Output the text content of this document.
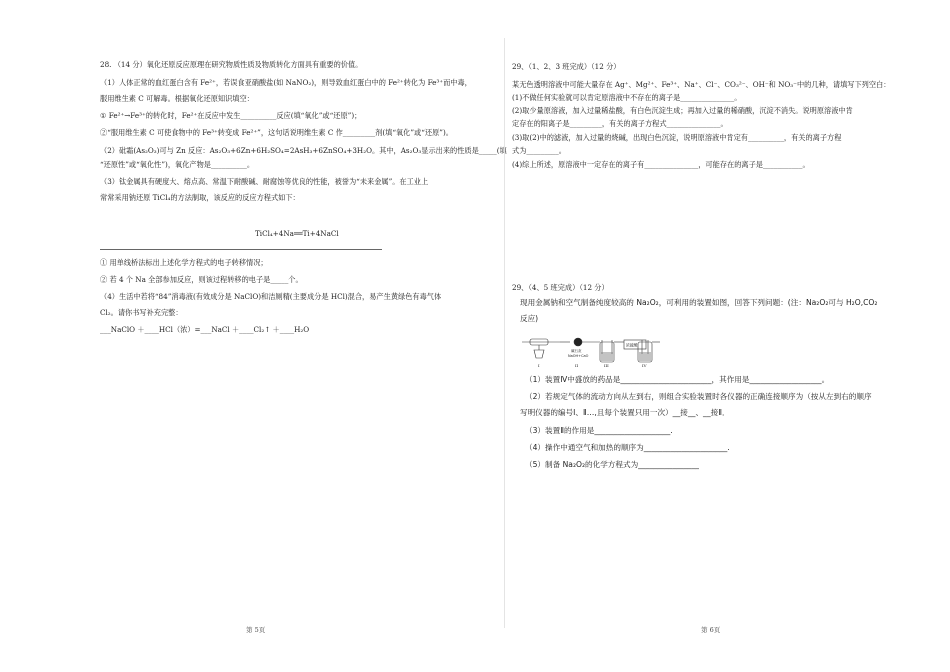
28. （14 分）氧化还原反应原理在研究物质性质及物质转化方面具有重要的价值。
（1）人体正常的血红蛋白含有 Fe²⁺，若误食亚硝酸盐(如 NaNO₂)，则导致血红蛋白中的 Fe²⁺转化为 Fe³⁺而中毒，
服用维生素 C 可解毒。根据氧化还原知识填空：
① Fe²⁺→Fe³⁺的转化时，Fe²⁺在反应中发生__________反应(填“氧化”或“还原”)；
②“服用维生素 C 可使食物中的 Fe³⁺转变成 Fe²⁺”，这句话说明维生素 C 作_________剂(填“氧化”或“还原”)。
（2）砒霜(As₂O₃)可与 Zn 反应：As₂O₃+6Zn+6H₂SO₄=2AsH₃+6ZnSO₄+3H₂O。其中，As₂O₃显示出来的性质是_____(填
“还原性”或“氧化性”)，氧化产物是__________。
（3）钛金属具有硬度大、熔点高、常温下耐酸碱、耐腐蚀等优良的性能，被誉为“未来金属”。在工业上
常常采用钠还原 TiCl₄的方法制取，该反应的反应方程式如下：
TiCl₄+4Na══Ti+4NaCl
① 用单线桥法标出上述化学方程式的电子转移情况；
② 若 4 个 Na 全部参加反应，则该过程转移的电子是_____个。
（4）生活中若将“84”消毒液(有效成分是 NaClO)和洁厕精(主要成分是 HCl)混合，易产生黄绿色有毒气体
Cl₂。请你书写补充完整：
___NaClO ＋____HCl（浓）=___NaCl ＋____Cl₂↑ ＋____H₂O
第 5页
29、（1、2、3 班完成）（12 分）
某无色透明溶液中可能大量存在 Ag⁺、Mg²⁺、Fe³⁺、Na⁺、Cl⁻、CO₃²⁻、OH⁻和 NO₃⁻中的几种，请填写下列空白：
(1)不做任何实验就可以肯定原溶液中不存在的离子是_______________。
(2)取少量原溶液，加入过量稀盐酸，有白色沉淀生成；再加入过量的稀硝酸，沉淀不消失。说明原溶液中肯
定存在的阳离子是_________，有关的离子方程式_______________。
(3)取(2)中的滤液，加入过量的烧碱，出现白色沉淀，说明原溶液中肯定有__________，有关的离子方程
式为_________。
(4)综上所述，原溶液中一定存在的离子有_______________，可能存在的离子是___________。
29、（4、5 班完成）（12 分）
现用金属钠和空气制备纯度较高的 Na₂O₂，可利用的装置如图，回答下列问题：(注：Na₂O₂可与 H₂O,CO₂
反应)
（1）装置Ⅳ中盛放的药品是________________________，其作用是___________________。
（2）若规定气体的流动方向从左到右，则组合实验装置时各仪器的正确连接顺序为（按从左到右的顺序
写明仪器的编号Ⅰ、Ⅱ…,且每个装置只用一次）__接__、__接Ⅱ．
（3）装置Ⅱ的作用是____________________.
（4）操作中通空气和加热的顺序为______________________.
（5）制备 Na₂O₂的化学方程式为________________
第 6页
碱石灰
NaOH+CaO
浓硫酸
I	II	III	IV
